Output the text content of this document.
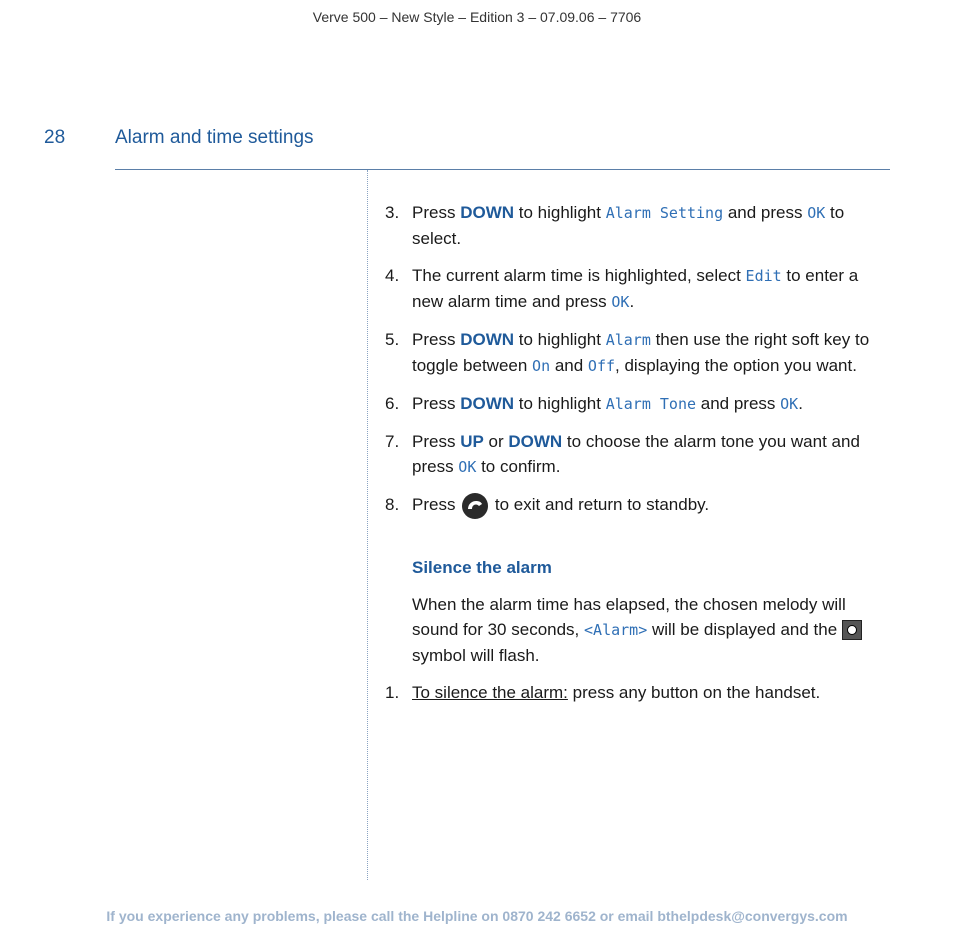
Verve 500 – New Style – Edition 3 – 07.09.06 – 7706
28	Alarm and time settings
3. Press DOWN to highlight Alarm Setting and press OK to select.
4. The current alarm time is highlighted, select Edit to enter a new alarm time and press OK.
5. Press DOWN to highlight Alarm then use the right soft key to toggle between On and Off, displaying the option you want.
6. Press DOWN to highlight Alarm Tone and press OK.
7. Press UP or DOWN to choose the alarm tone you want and press OK to confirm.
8. Press
to exit and return to standby.
Silence the alarm
When the alarm time has elapsed, the chosen melody will sound for 30 seconds, <Alarm> will be displayed and the  symbol will flash.
1. To silence the alarm: press any button on the handset.
If you experience any problems, please call the Helpline on 0870 242 6652 or email bthelpdesk@convergys.com
